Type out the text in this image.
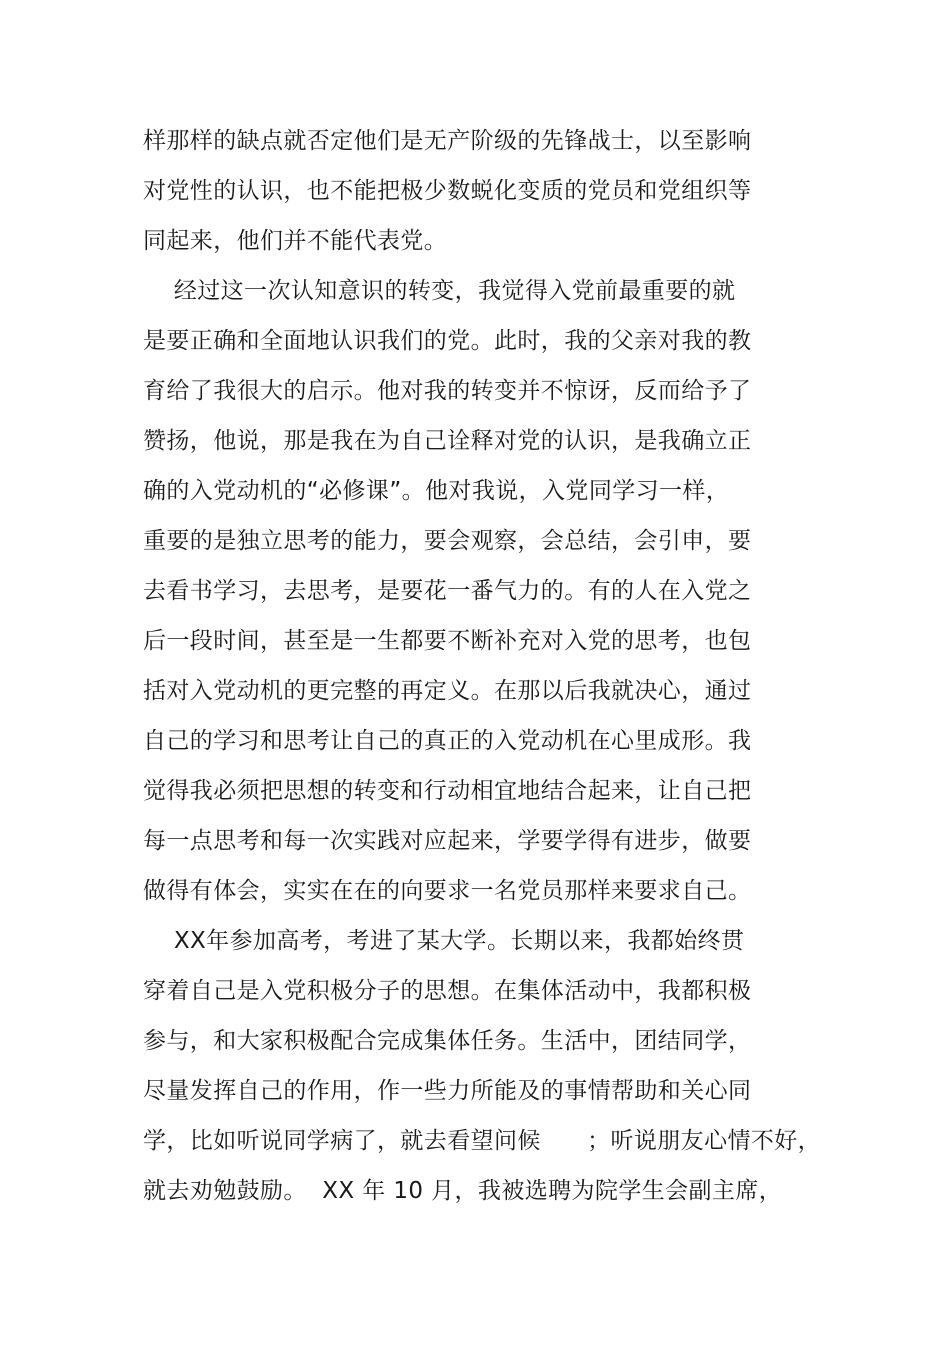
样那样的缺点就否定他们是无产阶级的先锋战士，以至影响
对党性的认识，也不能把极少数蜕化变质的党员和党组织等
同起来，他们并不能代表党。
经过这一次认知意识的转变，我觉得入党前最重要的就
是要正确和全面地认识我们的党。此时，我的父亲对我的教
育给了我很大的启示。他对我的转变并不惊讶，反而给予了
赞扬，他说，那是我在为自己诠释对党的认识，是我确立正
确的入党动机的“必修课”。他对我说，入党同学习一样，
重要的是独立思考的能力，要会观察，会总结，会引申，要
去看书学习，去思考，是要花一番气力的。有的人在入党之
后一段时间，甚至是一生都要不断补充对入党的思考，也包
括对入党动机的更完整的再定义。在那以后我就决心，通过
自己的学习和思考让自己的真正的入党动机在心里成形。我
觉得我必须把思想的转变和行动相宜地结合起来，让自己把
每一点思考和每一次实践对应起来，学要学得有进步，做要
做得有体会，实实在在的向要求一名党员那样来要求自己。
XX年参加高考，考进了某大学。长期以来，我都始终贯
穿着自己是入党积极分子的思想。在集体活动中，我都积极
参与，和大家积极配合完成集体任务。生活中，团结同学，
尽量发挥自己的作用，作一些力所能及的事情帮助和关心同
学，比如听说同学病了，就去看望问候      ；听说朋友心情不好，
就去劝勉鼓励。  XX 年 10 月，我被选聘为院学生会副主席，
